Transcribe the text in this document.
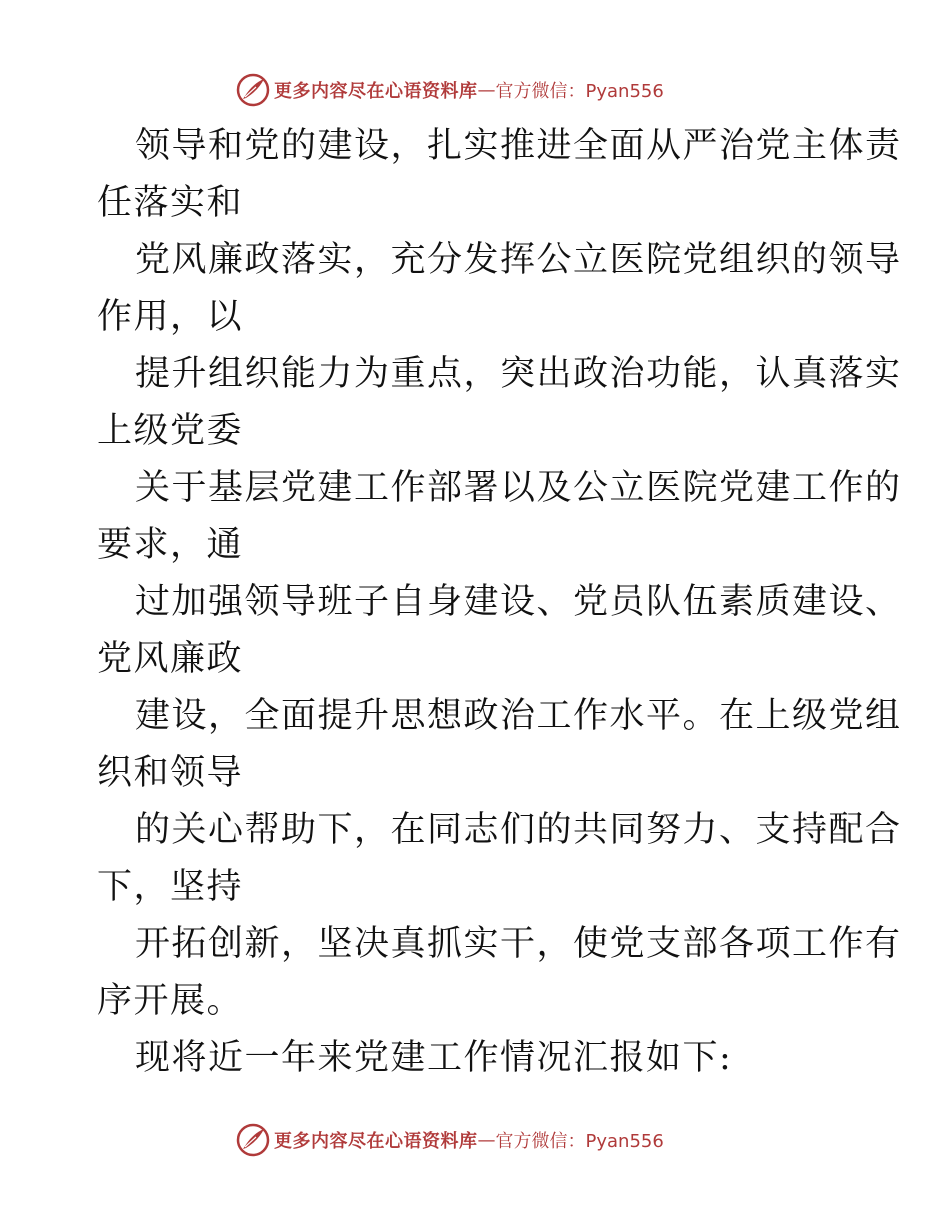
更多内容尽在心语资料库 — 官方微信：Pyan556
领导和党的建设，扎实推进全面从严治党主体责
任落实和
党风廉政落实，充分发挥公立医院党组织的领导
作用，以
提升组织能力为重点，突出政治功能，认真落实
上级党委
关于基层党建工作部署以及公立医院党建工作的
要求，通
过加强领导班子自身建设、党员队伍素质建设、
党风廉政
建设，全面提升思想政治工作水平。在上级党组
织和领导
的关心帮助下，在同志们的共同努力、支持配合
下，坚持
开拓创新，坚决真抓实干，使党支部各项工作有
序开展。
现将近一年来党建工作情况汇报如下:
更多内容尽在心语资料库 — 官方微信：Pyan556
